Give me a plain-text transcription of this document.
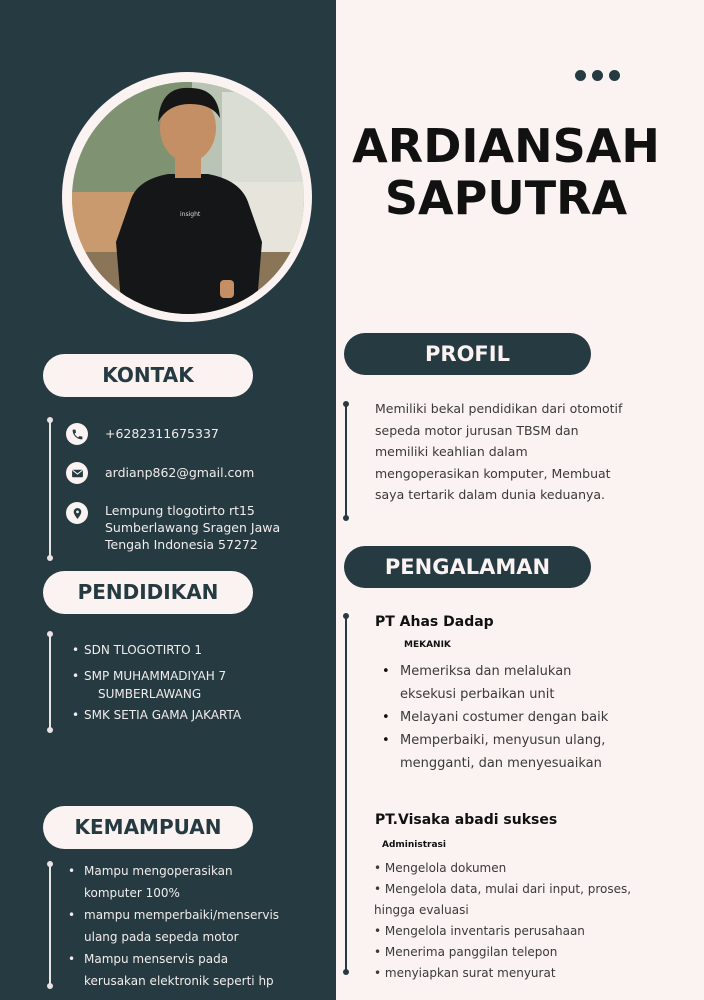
insight
ARDIANSAH
SAPUTRA
KONTAK
+6282311675337
ardianp862@gmail.com
Lempung tlogotirto rt15
Sumberlawang Sragen Jawa
Tengah Indonesia 57272
PENDIDIKAN
• SDN TLOGOTIRTO 1
• SMP MUHAMMADIYAH 7
SUMBERLAWANG
• SMK SETIA GAMA JAKARTA
KEMAMPUAN
• Mampu mengoperasikan
komputer 100%
• mampu memperbaiki/menservis
ulang pada sepeda motor
• Mampu menservis pada
kerusakan elektronik seperti hp
PROFIL
Memiliki bekal pendidikan dari otomotif
sepeda motor jurusan TBSM dan
memiliki keahlian dalam
mengoperasikan komputer, Membuat
saya tertarik dalam dunia keduanya.
PENGALAMAN
PT Ahas Dadap
MEKANIK
• Memeriksa dan melalukan
eksekusi perbaikan unit
• Melayani costumer dengan baik
• Memperbaiki, menyusun ulang,
mengganti, dan menyesuaikan
PT.Visaka abadi sukses
Administrasi
• Mengelola dokumen
• Mengelola data, mulai dari input, proses,
hingga evaluasi
• Mengelola inventaris perusahaan
• Menerima panggilan telepon
• menyiapkan surat menyurat
